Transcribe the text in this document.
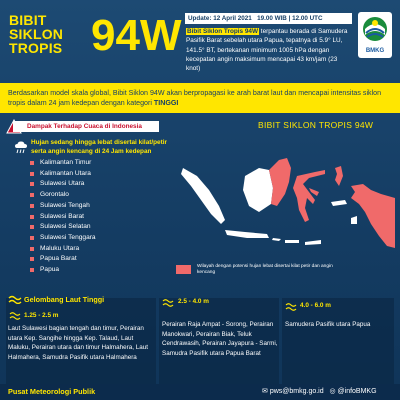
BIBIT
SIKLON
TROPIS 94W	Update: 12 April 2021 19.00 WIB | 12.00 UTC
Bibit Siklon Tropis 94W terpantau berada di Samudera Pasifik Barat sebelah utara Papua, tepatnya di 5.9° LU, 141.5° BT, bertekanan minimum 1005 hPa dengan kecepatan angin maksimum mencapai 43 km/jam (23 knot)
BMKG
Berdasarkan model skala global, Bibit Siklon 94W akan berpropagasi ke arah barat laut dan mencapai intensitas siklon tropis dalam 24 jam kedepan dengan kategori TINGGI
Dampak Terhadap Cuaca di Indonesia
Hujan sedang hingga lebat disertai kilat/petir serta angin kencang di 24 Jam kedepan
Kalimantan Timur
Kalimantan Utara
Sulawesi Utara
Gorontalo
Sulawesi Tengah
Sulawesi Barat
Sulawesi Selatan
Sulawesi Tenggara
Maluku Utara
Papua Barat
Papua
BIBIT SIKLON TROPIS 94W
Wilayah dengan potensi hujan lebat disertai kilat petir dan angin kencang
Gelombang Laut Tinggi
1.25 - 2.5 m
Laut Sulawesi bagian tengah dan timur, Perairan utara Kep. Sangihe hingga Kep. Talaud, Laut Maluku, Perairan utara dan timur Halmahera, Laut Halmahera, Samudra Pasifik utara Halmahera
2.5 - 4.0 m
Perairan Raja Ampat - Sorong, Perairan Manokwari, Perairan Biak, Teluk Cendrawasih, Perairan Jayapura - Sarmi, Samudra Pasifik utara Papua Barat
4.0 - 6.0 m
Samudera Pasifik utara Papua
Pusat Meteorologi Publik	✉ pws@bmkg.go.id ◎ @infoBMKG
